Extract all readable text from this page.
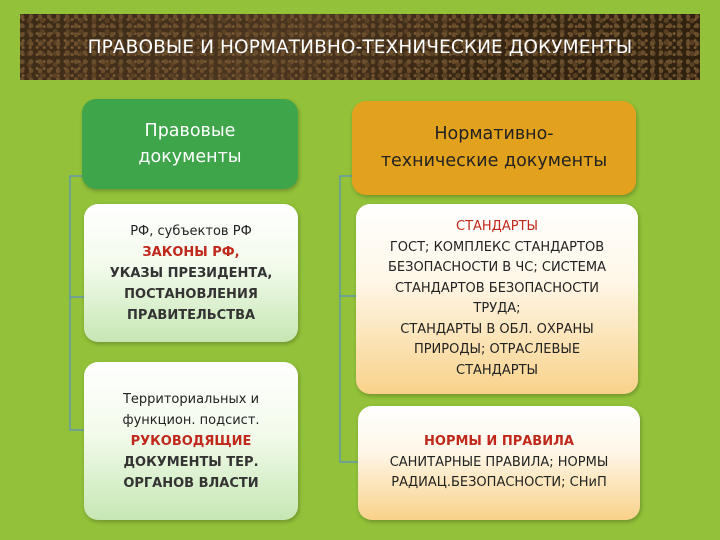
ПРАВОВЫЕ И НОРМАТИВНО-ТЕХНИЧЕСКИЕ ДОКУМЕНТЫ
Правовые
документы
РФ, субъектов РФ
ЗАКОНЫ РФ,
УКАЗЫ ПРЕЗИДЕНТА,
ПОСТАНОВЛЕНИЯ
ПРАВИТЕЛЬСТВА
Территориальных и
функцион. подсист.
РУКОВОДЯЩИЕ
ДОКУМЕНТЫ ТЕР.
ОРГАНОВ ВЛАСТИ
Нормативно-
технические документы
СТАНДАРТЫ
ГОСТ; КОМПЛЕКС СТАНДАРТОВ
БЕЗОПАСНОСТИ В ЧС; СИСТЕМА
СТАНДАРТОВ БЕЗОПАСНОСТИ
ТРУДА;
СТАНДАРТЫ В ОБЛ. ОХРАНЫ
ПРИРОДЫ; ОТРАСЛЕВЫЕ
СТАНДАРТЫ
НОРМЫ И ПРАВИЛА
САНИТАРНЫЕ ПРАВИЛА; НОРМЫ
РАДИАЦ.БЕЗОПАСНОСТИ; СНиП
